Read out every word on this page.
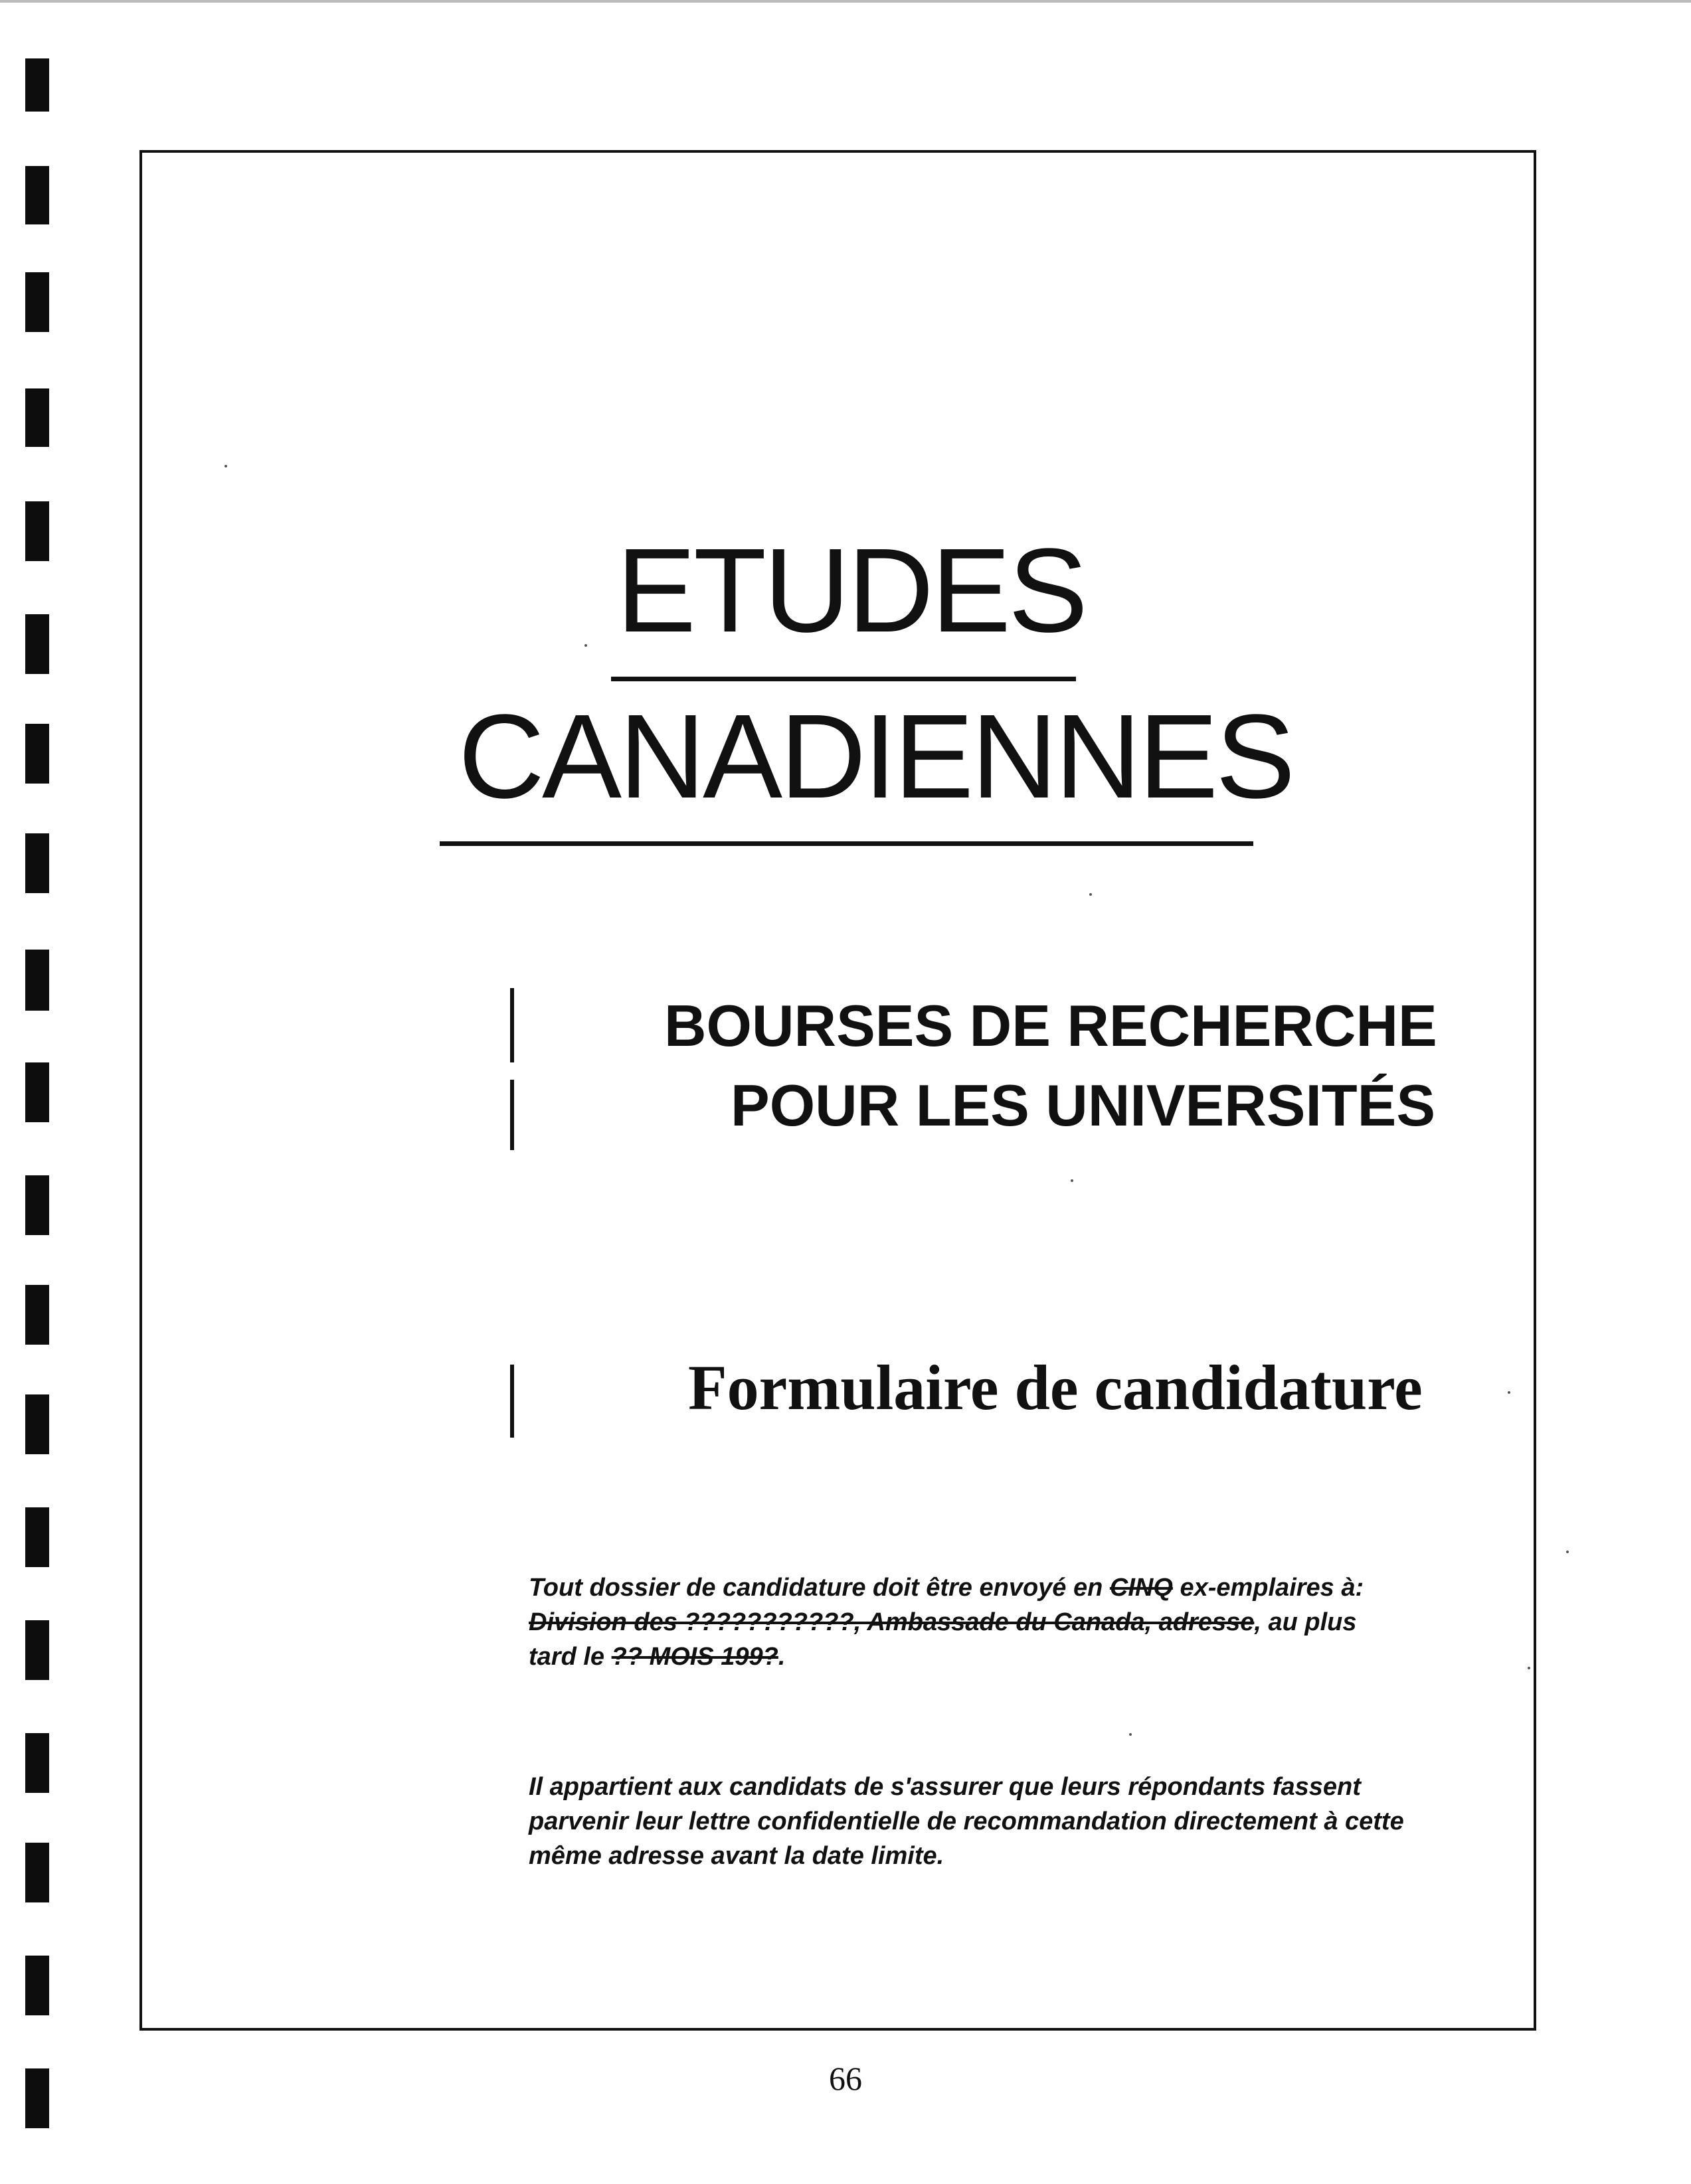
ETUDES
CANADIENNES
BOURSES DE RECHERCHE
POUR LES UNIVERSITÉS
Formulaire de candidature
Tout dossier de candidature doit être envoyé en CINQ ex-emplaires à: Division des ???????????, Ambassade du Canada, adresse, au plus tard le ?? MOIS 199?.
Il appartient aux candidats de s'assurer que leurs répondants fassent parvenir leur lettre confidentielle de recommandation directement à cette même adresse avant la date limite.
66
